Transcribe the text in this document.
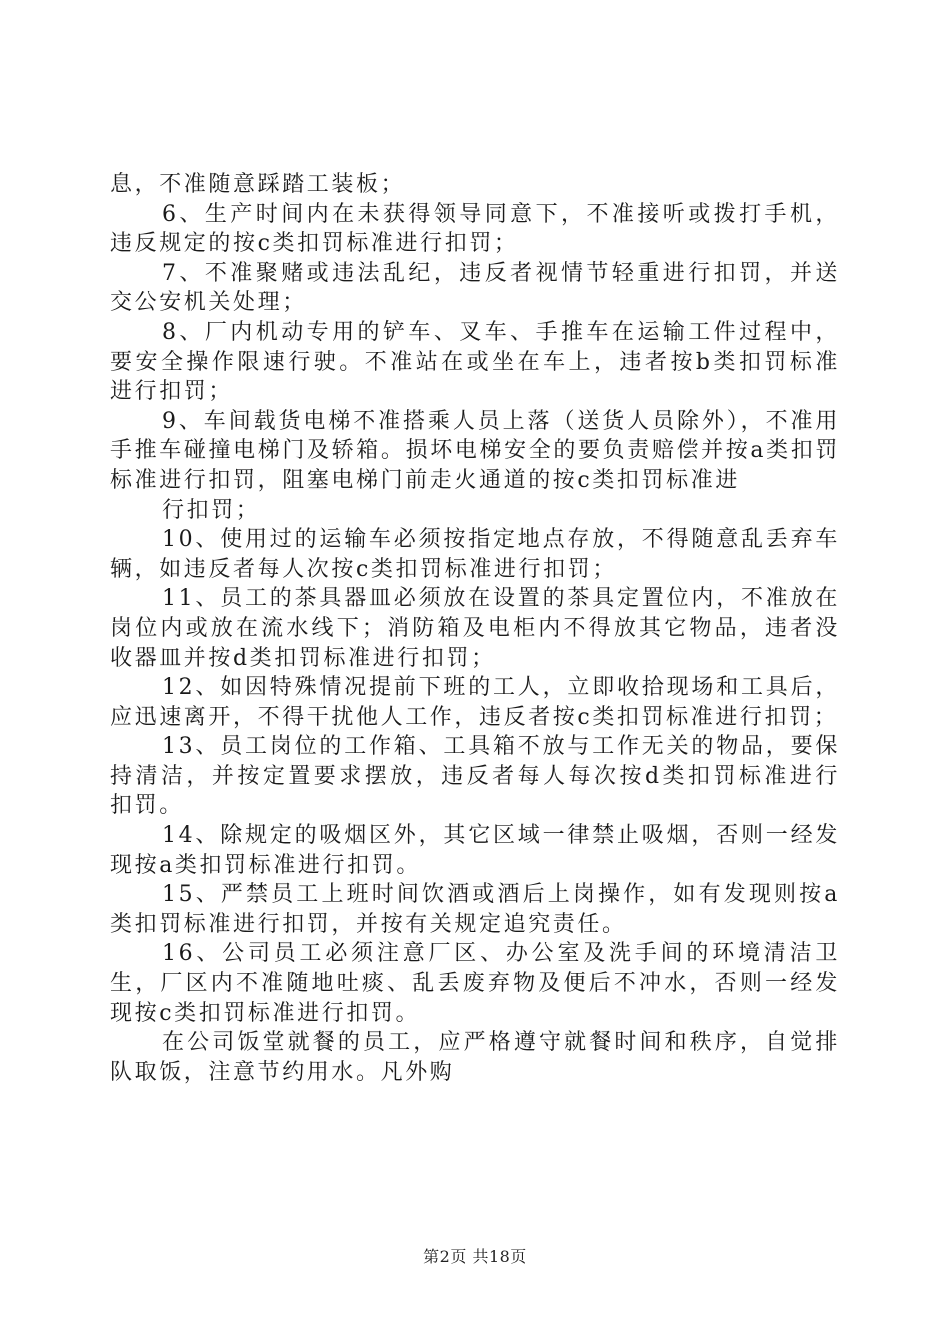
息，不准随意踩踏工装板；

6、生产时间内在未获得领导同意下，不准接听或拨打手机，违反规定的按c类扣罚标准进行扣罚；

7、不准聚赌或违法乱纪，违反者视情节轻重进行扣罚，并送交公安机关处理；

8、厂内机动专用的铲车、叉车、手推车在运输工件过程中，要安全操作限速行驶。不准站在或坐在车上，违者按b类扣罚标准进行扣罚；

9、车间载货电梯不准搭乘人员上落（送货人员除外），不准用手推车碰撞电梯门及轿箱。损坏电梯安全的要负责赔偿并按a类扣罚标准进行扣罚，阻塞电梯门前走火通道的按c类扣罚标准进

行扣罚；

10、使用过的运输车必须按指定地点存放，不得随意乱丢弃车辆，如违反者每人次按c类扣罚标准进行扣罚；

11、员工的茶具器皿必须放在设置的茶具定置位内，不准放在岗位内或放在流水线下；消防箱及电柜内不得放其它物品，违者没收器皿并按d类扣罚标准进行扣罚；

12、如因特殊情况提前下班的工人，立即收拾现场和工具后，应迅速离开，不得干扰他人工作，违反者按c类扣罚标准进行扣罚；

13、员工岗位的工作箱、工具箱不放与工作无关的物品，要保持清洁，并按定置要求摆放，违反者每人每次按d类扣罚标准进行扣罚。

14、除规定的吸烟区外，其它区域一律禁止吸烟，否则一经发现按a类扣罚标准进行扣罚。

15、严禁员工上班时间饮酒或酒后上岗操作，如有发现则按a类扣罚标准进行扣罚，并按有关规定追究责任。

16、公司员工必须注意厂区、办公室及洗手间的环境清洁卫生，厂区内不准随地吐痰、乱丢废弃物及便后不冲水，否则一经发现按c类扣罚标准进行扣罚。

在公司饭堂就餐的员工，应严格遵守就餐时间和秩序，自觉排队取饭，注意节约用水。凡外购

第2页 共18页
